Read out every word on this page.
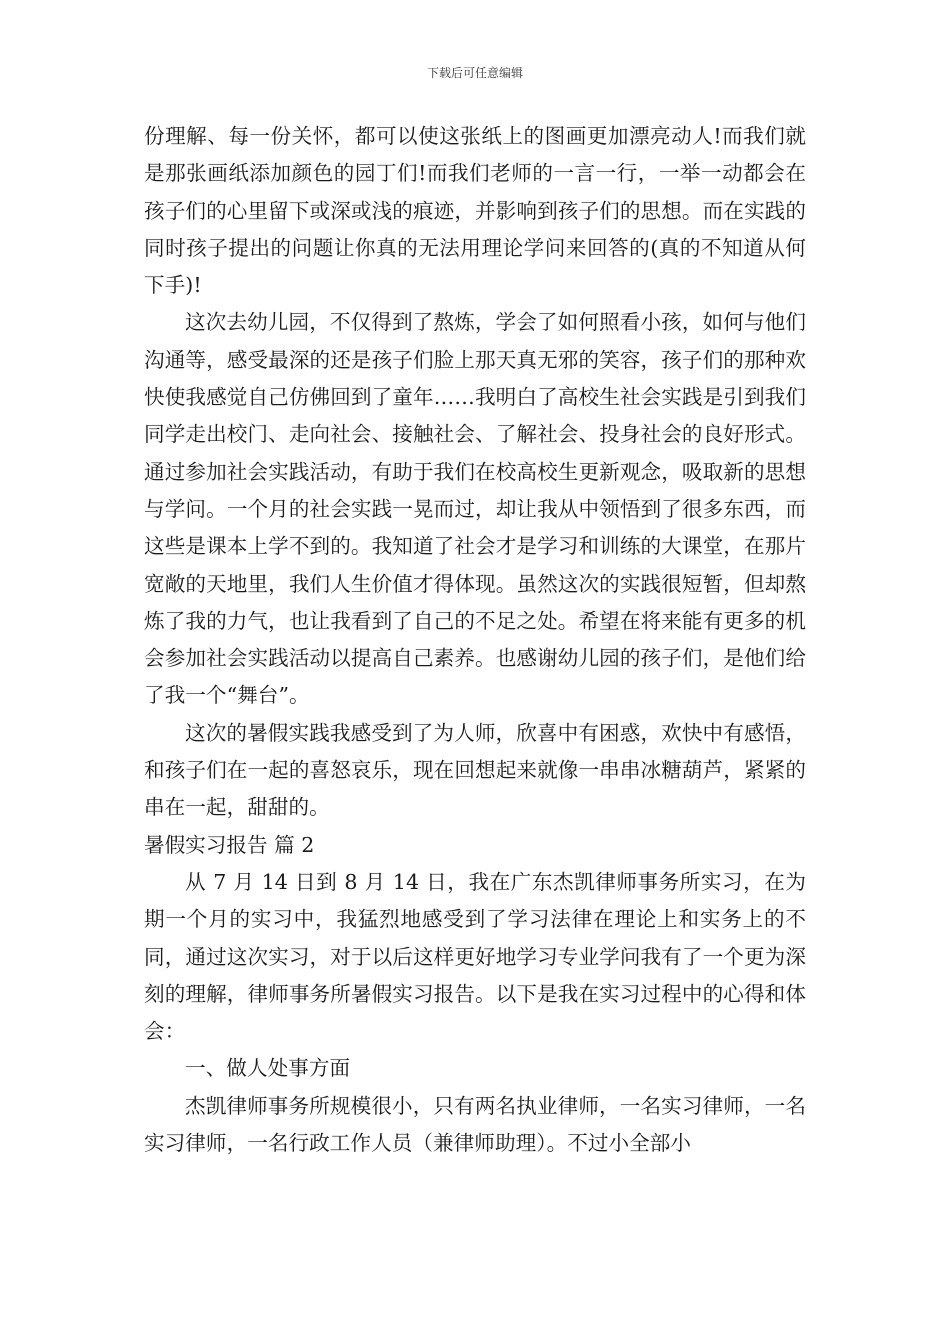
下载后可任意编辑

份理解、每一份关怀，都可以使这张纸上的图画更加漂亮动人!而我们就是那张画纸添加颜色的园丁们!而我们老师的一言一行，一举一动都会在孩子们的心里留下或深或浅的痕迹，并影响到孩子们的思想。而在实践的同时孩子提出的问题让你真的无法用理论学问来回答的(真的不知道从何下手)!

这次去幼儿园，不仅得到了熬炼，学会了如何照看小孩，如何与他们沟通等，感受最深的还是孩子们脸上那天真无邪的笑容，孩子们的那种欢快使我感觉自己仿佛回到了童年……我明白了高校生社会实践是引到我们同学走出校门、走向社会、接触社会、了解社会、投身社会的良好形式。通过参加社会实践活动，有助于我们在校高校生更新观念，吸取新的思想与学问。一个月的社会实践一晃而过，却让我从中领悟到了很多东西，而这些是课本上学不到的。我知道了社会才是学习和训练的大课堂，在那片宽敞的天地里，我们人生价值才得体现。虽然这次的实践很短暂，但却熬炼了我的力气，也让我看到了自己的不足之处。希望在将来能有更多的机会参加社会实践活动以提高自己素养。也感谢幼儿园的孩子们，是他们给了我一个“舞台”。

这次的暑假实践我感受到了为人师，欣喜中有困惑，欢快中有感悟，和孩子们在一起的喜怒哀乐，现在回想起来就像一串串冰糖葫芦，紧紧的串在一起，甜甜的。

暑假实习报告 篇 2

从 7 月 14 日到 8 月 14 日，我在广东杰凯律师事务所实习，在为期一个月的实习中，我猛烈地感受到了学习法律在理论上和实务上的不同，通过这次实习，对于以后这样更好地学习专业学问我有了一个更为深刻的理解，律师事务所暑假实习报告。以下是我在实习过程中的心得和体会：

一、做人处事方面

杰凯律师事务所规模很小，只有两名执业律师，一名实习律师，一名实习律师，一名行政工作人员（兼律师助理）。不过小全部小
